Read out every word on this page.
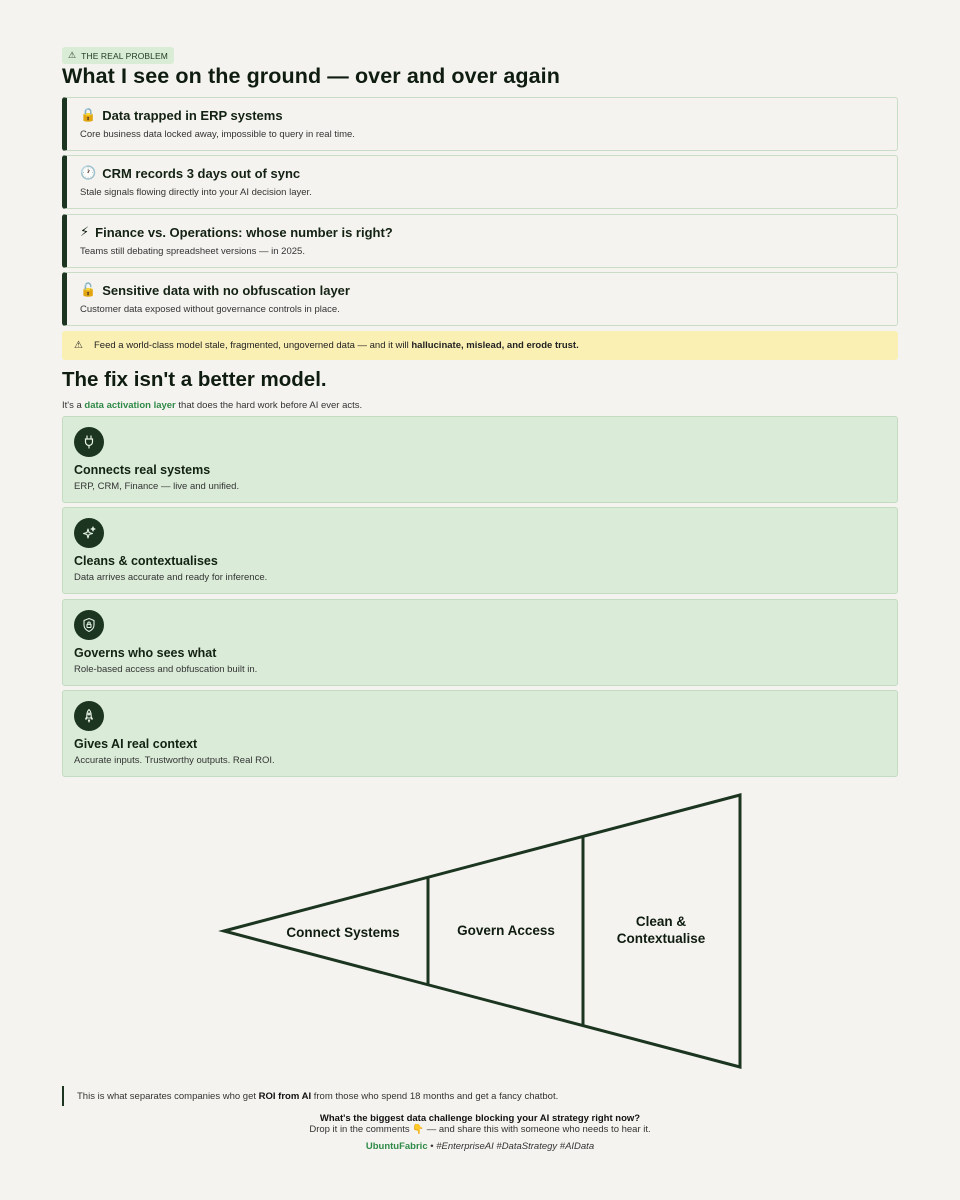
⚠ THE REAL PROBLEM
What I see on the ground — over and over again
🔒 Data trapped in ERP systems
Core business data locked away, impossible to query in real time.
🕐 CRM records 3 days out of sync
Stale signals flowing directly into your AI decision layer.
⚡ Finance vs. Operations: whose number is right?
Teams still debating spreadsheet versions — in 2025.
🔓 Sensitive data with no obfuscation layer
Customer data exposed without governance controls in place.
⚠	Feed a world-class model stale, fragmented, ungoverned data — and it will hallucinate, mislead, and erode trust.
The fix isn't a better model.
It's a data activation layer that does the hard work before AI ever acts.
Connects real systems
ERP, CRM, Finance — live and unified.
Cleans & contextualises
Data arrives accurate and ready for inference.
Governs who sees what
Role-based access and obfuscation built in.
Gives AI real context
Accurate inputs. Trustworthy outputs. Real ROI.
Connect Systems	Govern Access
Clean &
Contextualise
This is what separates companies who get ROI from AI from those who spend 18 months and get a fancy chatbot.
What's the biggest data challenge blocking your AI strategy right now?
Drop it in the comments 👇 — and share this with someone who needs to hear it.
UbuntuFabric • #EnterpriseAI #DataStrategy #AIData
